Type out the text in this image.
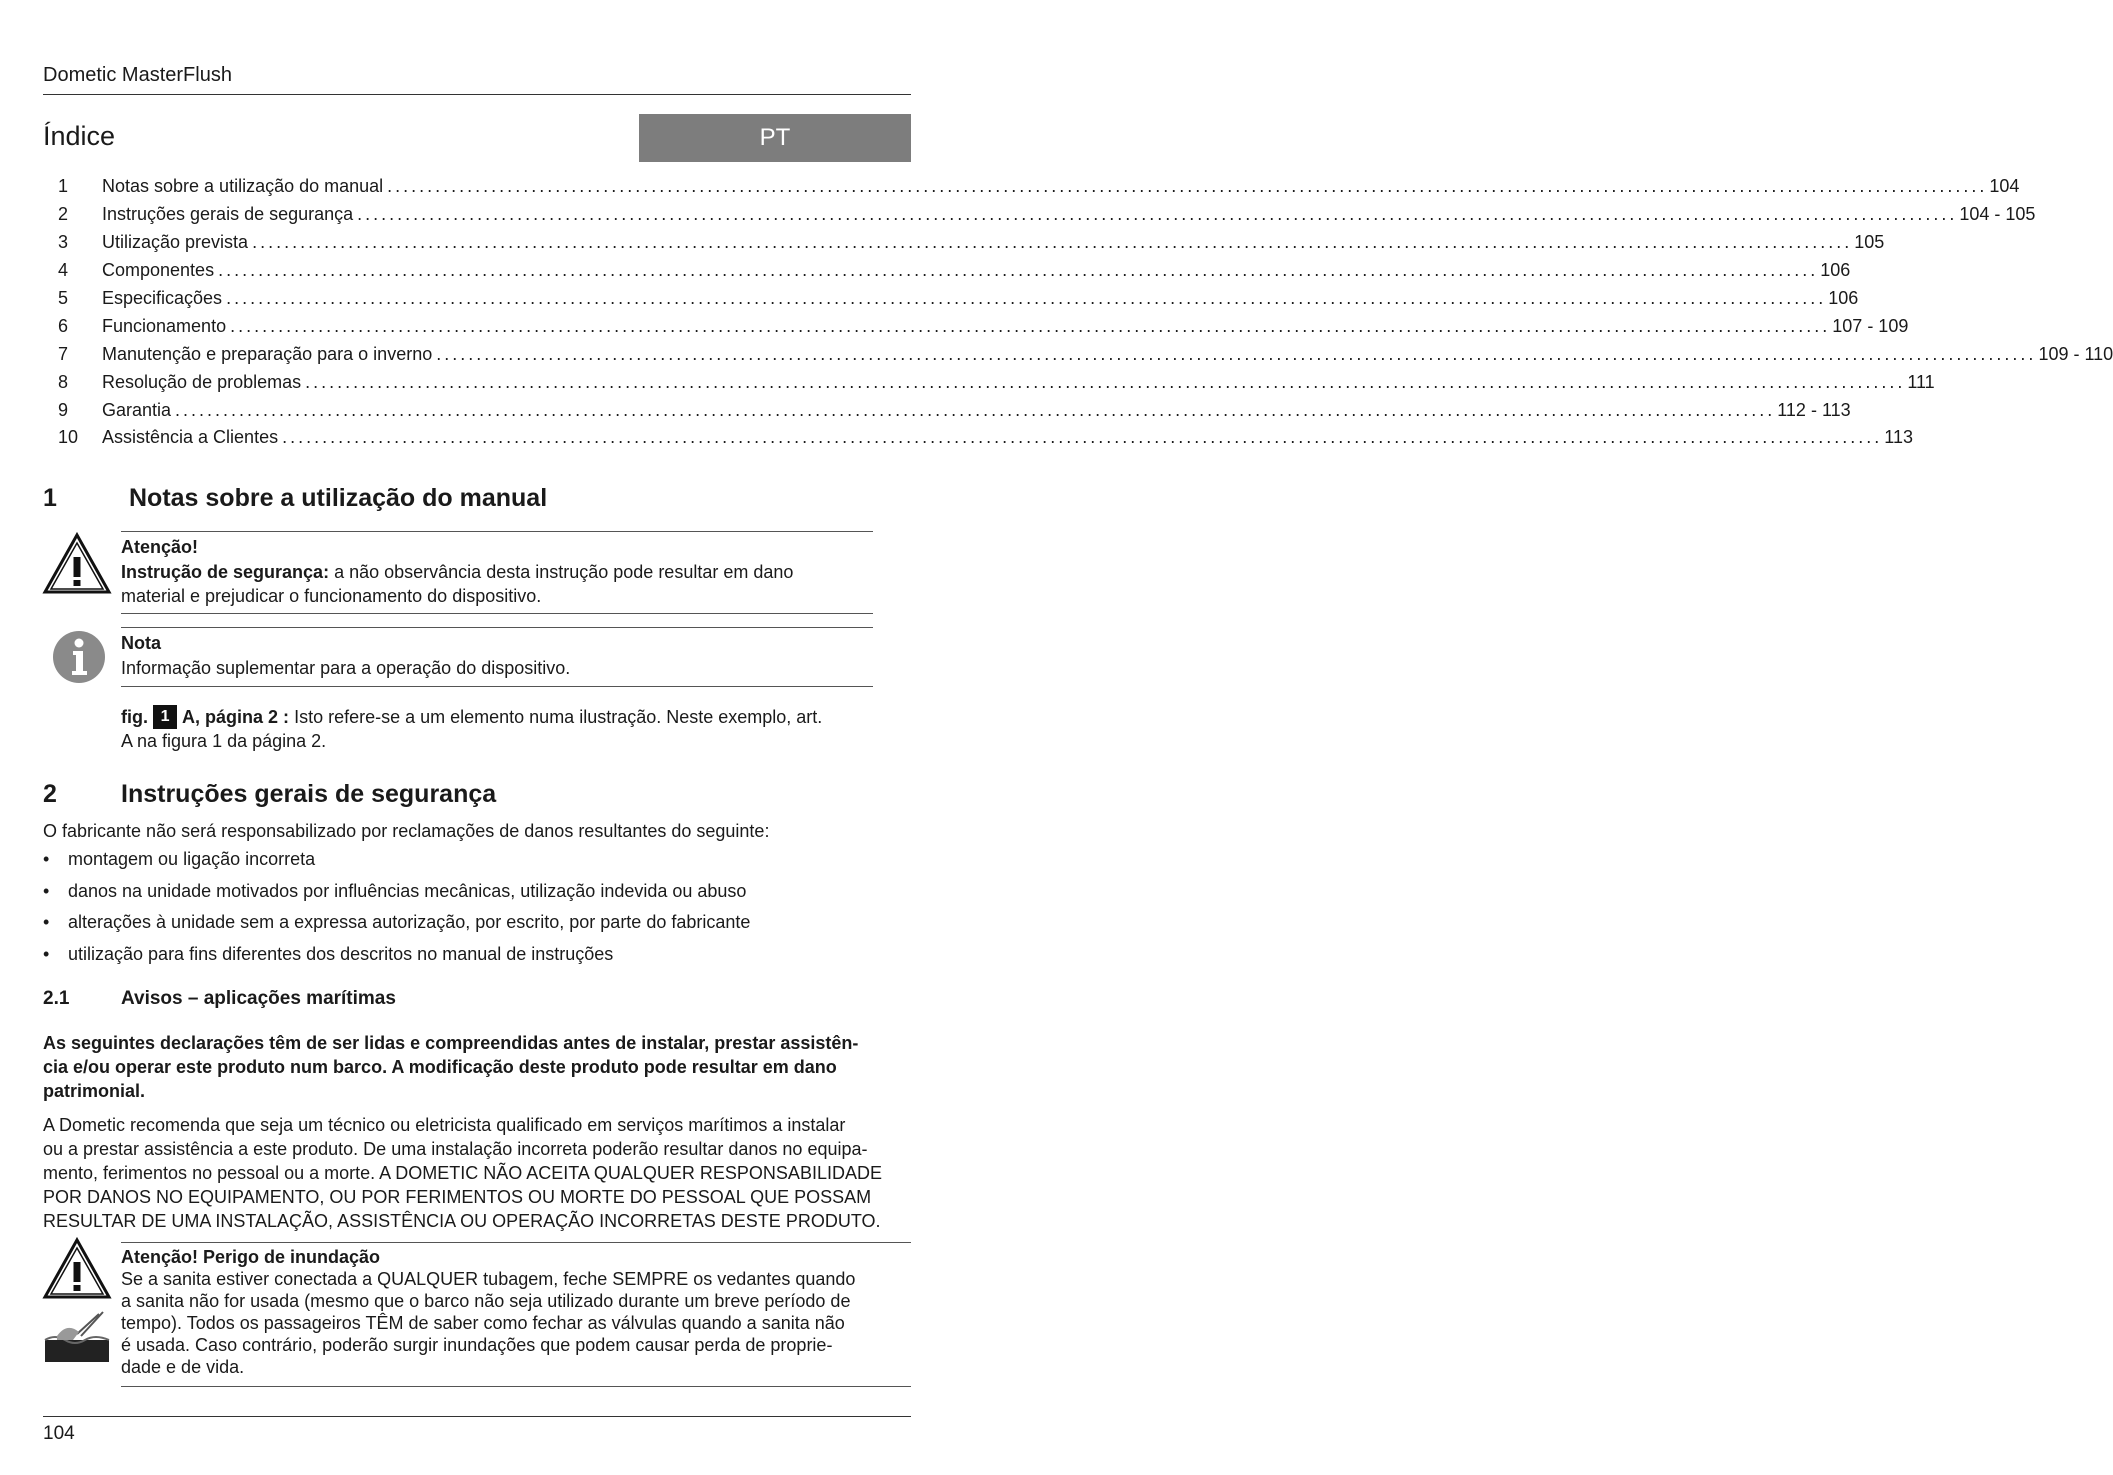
Dometic MasterFlush
Índice	PT
1	Notas sobre a utilização do manual ........................................................................................................................................................................................................ 104
2	Instruções gerais de segurança ........................................................................................................................................................................................................ 104 - 105
3	Utilização prevista ........................................................................................................................................................................................................ 105
4	Componentes ........................................................................................................................................................................................................ 106
5	Especificações ........................................................................................................................................................................................................ 106
6	Funcionamento ........................................................................................................................................................................................................ 107 - 109
7	Manutenção e preparação para o inverno ........................................................................................................................................................................................................ 109 - 110
8	Resolução de problemas ........................................................................................................................................................................................................ 111
9	Garantia ........................................................................................................................................................................................................ 112 - 113
10	Assistência a Clientes ........................................................................................................................................................................................................ 113
1	Notas sobre a utilização do manual
Atenção!
Instrução de segurança: a não observância desta instrução pode resultar em dano
material e prejudicar o funcionamento do dispositivo.
Nota
Informação suplementar para a operação do dispositivo.
fig. 1 A, página 2 : Isto refere-se a um elemento numa ilustração. Neste exemplo, art.
A na figura 1 da página 2.
2	Instruções gerais de segurança
O fabricante não será responsabilizado por reclamações de danos resultantes do seguinte:
• montagem ou ligação incorreta
• danos na unidade motivados por influências mecânicas, utilização indevida ou abuso
• alterações à unidade sem a expressa autorização, por escrito, por parte do fabricante
• utilização para fins diferentes dos descritos no manual de instruções
2.1	Avisos – aplicações marítimas
As seguintes declarações têm de ser lidas e compreendidas antes de instalar, prestar assistên-
cia e/ou operar este produto num barco. A modificação deste produto pode resultar em dano
patrimonial.
A Dometic recomenda que seja um técnico ou eletricista qualificado em serviços marítimos a instalar
ou a prestar assistência a este produto. De uma instalação incorreta poderão resultar danos no equipa-
mento, ferimentos no pessoal ou a morte. A DOMETIC NÃO ACEITA QUALQUER RESPONSABILIDADE
POR DANOS NO EQUIPAMENTO, OU POR FERIMENTOS OU MORTE DO PESSOAL QUE POSSAM
RESULTAR DE UMA INSTALAÇÃO, ASSISTÊNCIA OU OPERAÇÃO INCORRETAS DESTE PRODUTO.
Atenção! Perigo de inundação
Se a sanita estiver conectada a QUALQUER tubagem, feche SEMPRE os vedantes quando
a sanita não for usada (mesmo que o barco não seja utilizado durante um breve período de
tempo). Todos os passageiros TÊM de saber como fechar as válvulas quando a sanita não
é usada. Caso contrário, poderão surgir inundações que podem causar perda de proprie-
dade e de vida.
104
